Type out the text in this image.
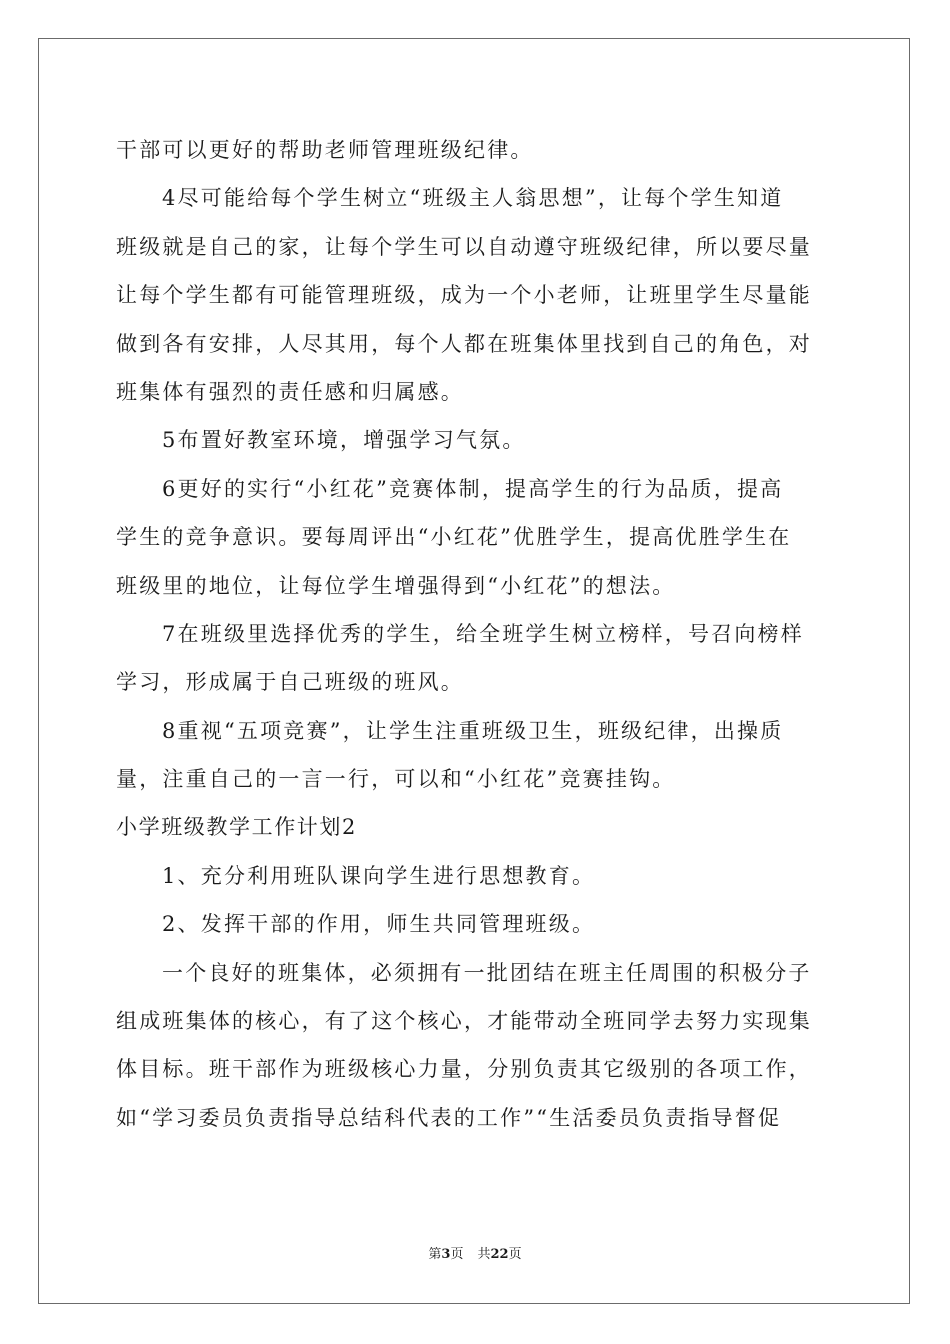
干部可以更好的帮助老师管理班级纪律。
4尽可能给每个学生树立“班级主人翁思想”，让每个学生知道
班级就是自己的家，让每个学生可以自动遵守班级纪律，所以要尽量
让每个学生都有可能管理班级，成为一个小老师，让班里学生尽量能
做到各有安排，人尽其用，每个人都在班集体里找到自己的角色，对
班集体有强烈的责任感和归属感。
5布置好教室环境，增强学习气氛。
6更好的实行“小红花”竞赛体制，提高学生的行为品质，提高
学生的竞争意识。要每周评出“小红花”优胜学生，提高优胜学生在
班级里的地位，让每位学生增强得到“小红花”的想法。
7在班级里选择优秀的学生，给全班学生树立榜样，号召向榜样
学习，形成属于自己班级的班风。
8重视“五项竞赛”，让学生注重班级卫生，班级纪律，出操质
量，注重自己的一言一行，可以和“小红花”竞赛挂钩。
小学班级教学工作计划2
1、充分利用班队课向学生进行思想教育。
2、发挥干部的作用，师生共同管理班级。
一个良好的班集体，必须拥有一批团结在班主任周围的积极分子
组成班集体的核心，有了这个核心，才能带动全班同学去努力实现集
体目标。班干部作为班级核心力量，分别负责其它级别的各项工作，
如“学习委员负责指导总结科代表的工作”“生活委员负责指导督促
第3页 共22页
